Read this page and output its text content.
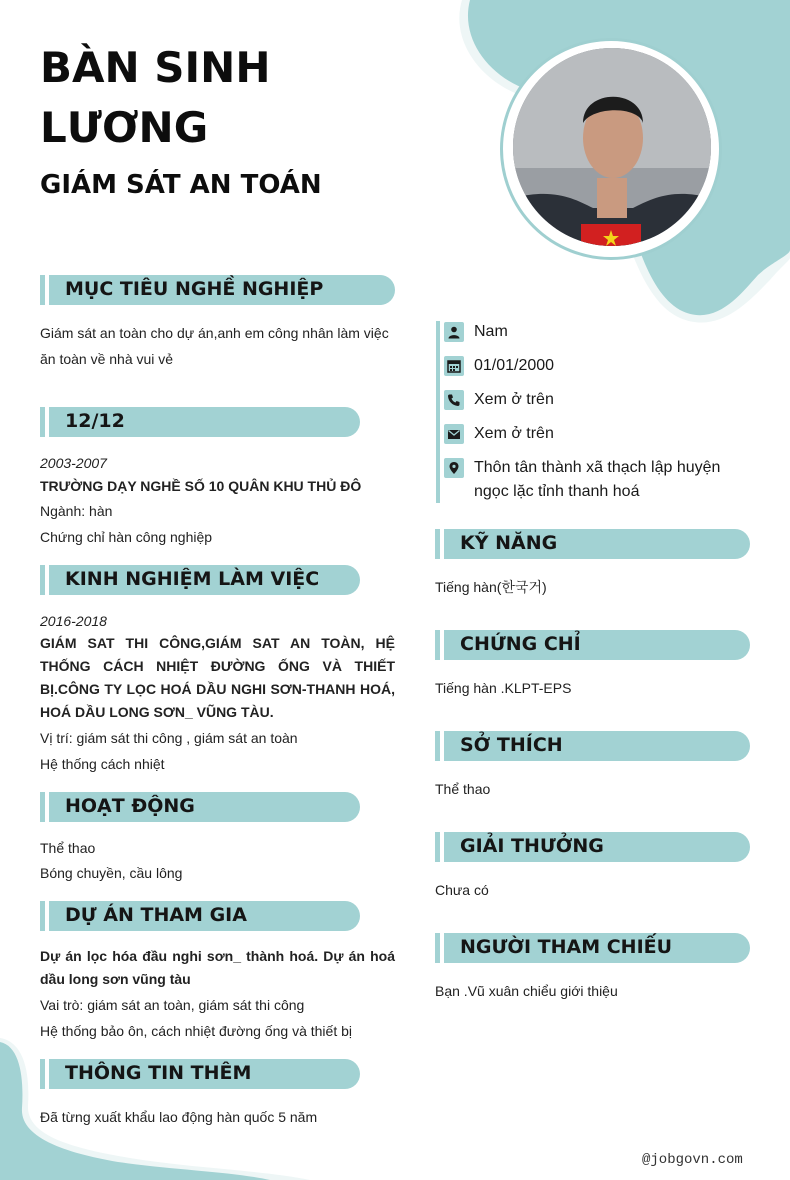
BÀN SINH LƯƠNG
GIÁM SÁT AN TOÁN
MỤC TIÊU NGHỀ NGHIỆP

Giám sát an toàn cho dự án,anh em công nhân làm việc ăn toàn về nhà vui vẻ

12/12

2003-2007

TRƯỜNG DẠY NGHỀ SỐ 10 QUÂN KHU THỦ ĐÔ

Ngành: hàn

Chứng chỉ hàn công nghiệp

KINH NGHIỆM LÀM VIỆC

2016-2018

GIÁM SAT THI CÔNG,GIÁM SAT AN TOÀN, HỆ THỐNG CÁCH NHIỆT ĐƯỜNG ỐNG VÀ THIẾT BỊ.CÔNG TY LỌC HOÁ DẦU NGHI SƠN-THANH HOÁ, HOÁ DẦU LONG SƠN_ VŨNG TÀU.

Vị trí: giám sát thi công , giám sát an toàn

Hệ thống cách nhiệt

HOẠT ĐỘNG

Thể thao

Bóng chuyền, cầu lông

DỰ ÁN THAM GIA

Dự án lọc hóa đầu nghi sơn_ thành hoá. Dự án hoá dầu long sơn vũng tàu

Vai trò: giám sát an toàn, giám sát thi công

Hệ thống bảo ôn, cách nhiệt đường ống và thiết bị

THÔNG TIN THÊM

Đã từng xuất khẩu lao động hàn quốc 5 năm

Nam
01/01/2000
Xem ở trên
Xem ở trên
Thôn tân thành xã thạch lập huyện ngọc lặc tỉnh thanh hoá
KỸ NĂNG

Tiếng hàn(한국거)

CHỨNG CHỈ

Tiếng hàn .KLPT-EPS

SỞ THÍCH

Thể thao

GIẢI THƯỞNG

Chưa có

NGƯỜI THAM CHIẾU

Bạn .Vũ xuân chiểu giới thiệu

@jobgovn.com
